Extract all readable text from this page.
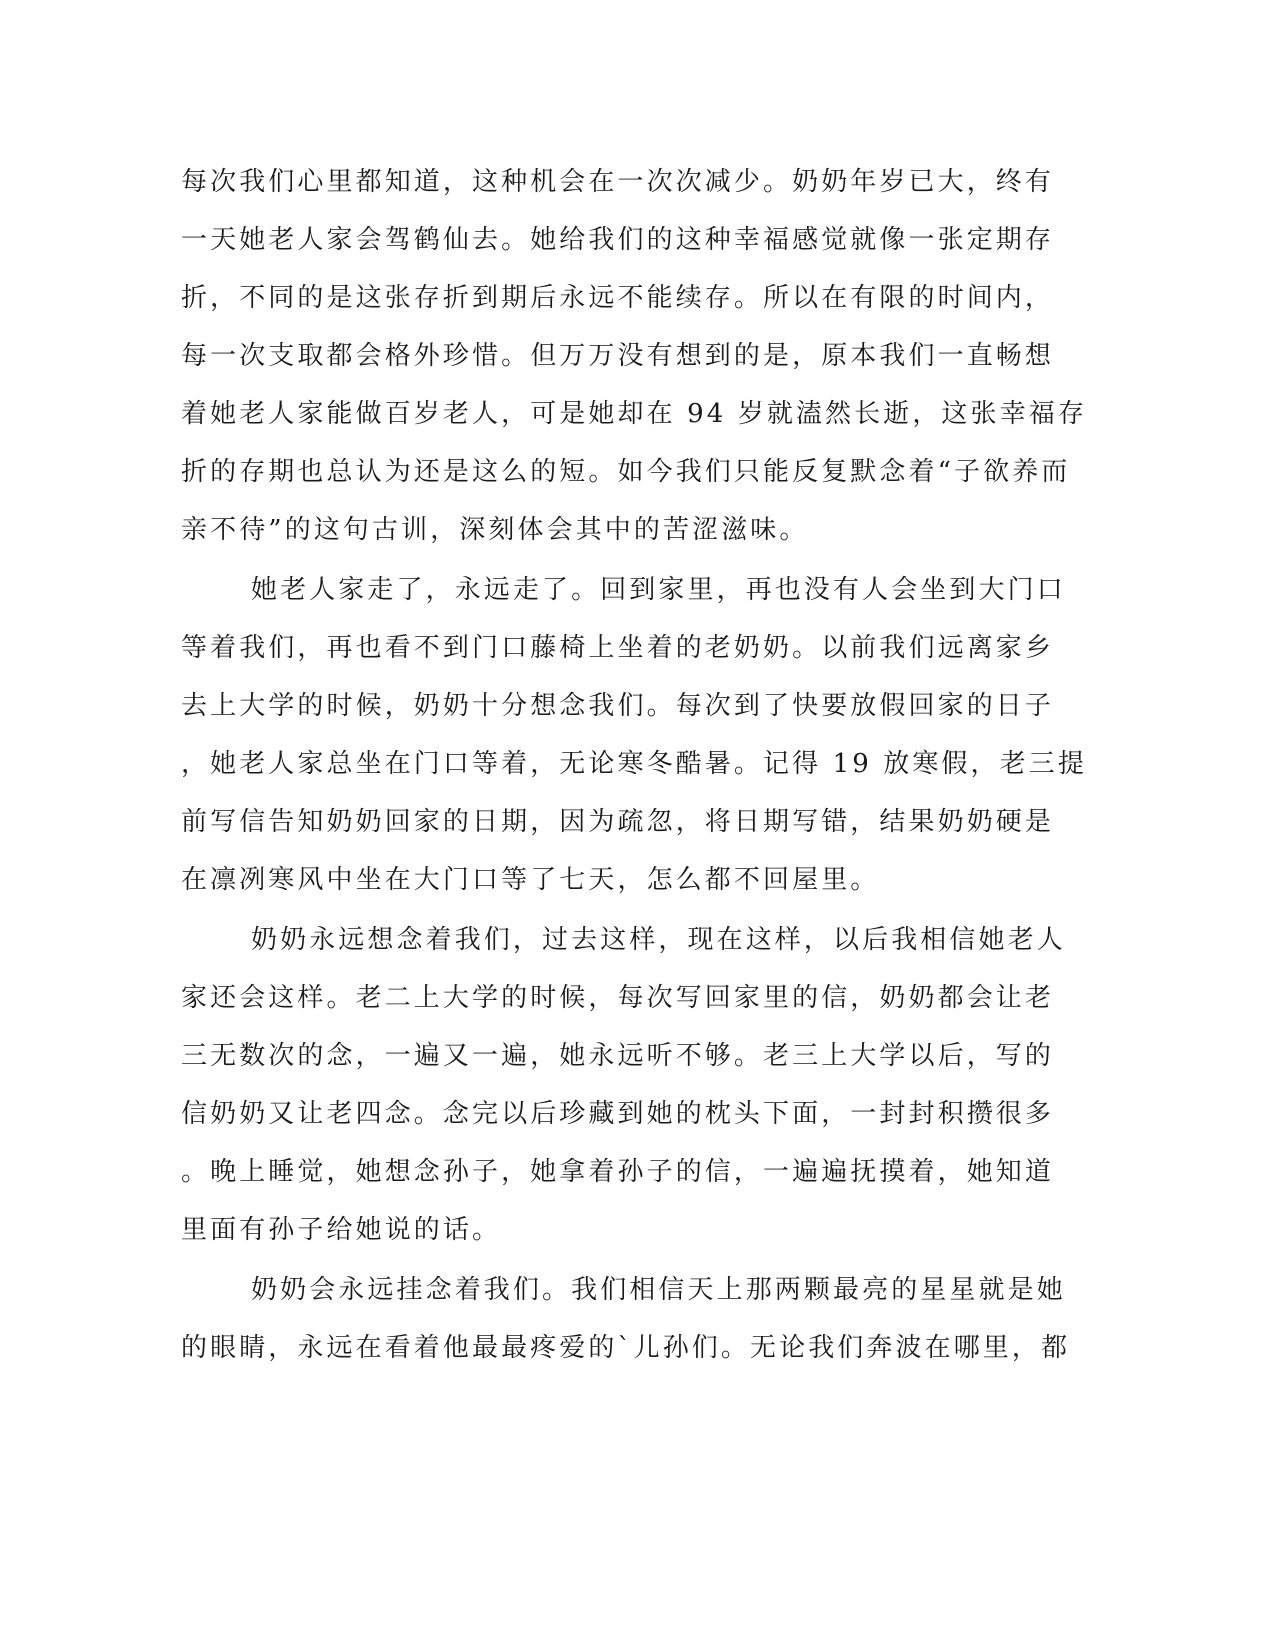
每次我们心里都知道，这种机会在一次次减少。奶奶年岁已大，终有
一天她老人家会驾鹤仙去。她给我们的这种幸福感觉就像一张定期存
折，不同的是这张存折到期后永远不能续存。所以在有限的时间内，
每一次支取都会格外珍惜。但万万没有想到的是，原本我们一直畅想
着她老人家能做百岁老人，可是她却在 94 岁就溘然长逝，这张幸福存
折的存期也总认为还是这么的短。如今我们只能反复默念着“子欲养而
亲不待”的这句古训，深刻体会其中的苦涩滋味。
她老人家走了，永远走了。回到家里，再也没有人会坐到大门口
等着我们，再也看不到门口藤椅上坐着的老奶奶。以前我们远离家乡
去上大学的时候，奶奶十分想念我们。每次到了快要放假回家的日子
，她老人家总坐在门口等着，无论寒冬酷暑。记得 19 放寒假，老三提
前写信告知奶奶回家的日期，因为疏忽，将日期写错，结果奶奶硬是
在凛冽寒风中坐在大门口等了七天，怎么都不回屋里。
奶奶永远想念着我们，过去这样，现在这样，以后我相信她老人
家还会这样。老二上大学的时候，每次写回家里的信，奶奶都会让老
三无数次的念，一遍又一遍，她永远听不够。老三上大学以后，写的
信奶奶又让老四念。念完以后珍藏到她的枕头下面，一封封积攒很多
。晚上睡觉，她想念孙子，她拿着孙子的信，一遍遍抚摸着，她知道
里面有孙子给她说的话。
奶奶会永远挂念着我们。我们相信天上那两颗最亮的星星就是她
的眼睛，永远在看着他最最疼爱的`儿孙们。无论我们奔波在哪里，都
